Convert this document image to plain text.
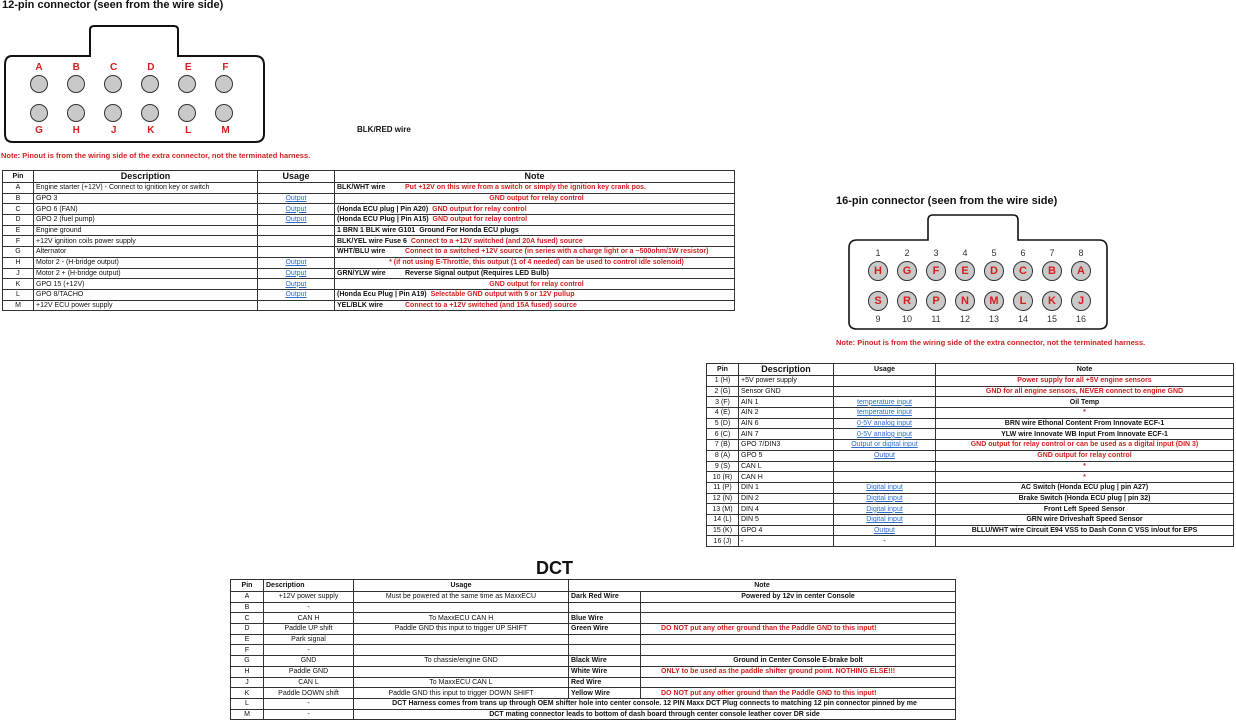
12-pin connector (seen from the wire side)
A	B	C	D	E	F
G	H	J	K	L	M	BLK/RED wire
Note: Pinout is from the wiring side of the extra connector, not the terminated harness.
Pin	Description	Usage	Note
A	Engine starter (+12V) - Connect to ignition key or switch		BLK/WHT wire Put +12V on this wire from a switch or simply the ignition key crank pos.
B	GPO 3	Output	GND output for relay control
C	GPO 6 (FAN)	Output	(Honda ECU plug | Pin A20) GND output for relay control
D	GPO 2 (fuel pump)	Output	(Honda ECU Plug | Pin A15) GND output for relay control
E	Engine ground		1 BRN 1 BLK wire G101 Ground For Honda ECU plugs
F	+12V ignition coils power supply		BLK/YEL wire Fuse 6 Connect to a +12V switched (and 20A fused) source
G	Alternator		WHT/BLU wire Connect to a switched +12V source (in series with a charge light or a ~500ohm/1W resistor)
H	Motor 2 - (H-bridge output)	Output	* (if not using E-Throttle, this output (1 of 4 needed) can be used to control idle solenoid)
J	Motor 2 + (H-bridge output)	Output	GRN/YLW wire Reverse Signal output (Requires LED Bulb)
K	GPO 15 (+12V)	Output	GND output for relay control
L	GPO 8/TACHO	Output	(Honda Ecu Plug | Pin A19) Selectable GND output with 5 or 12V pullup
M	+12V ECU power supply		YEL/BLK wire Connect to a +12V switched (and 15A fused) source
16-pin connector (seen from the wire side)
1	2	3	4	5	6	7	8
H	G	F	E	D	C	B	A
S	R	P	N	M	L	K	J
9	10	11	12	13	14	15	16
Note: Pinout is from the wiring side of the extra connector, not the terminated harness.
Pin	Description	Usage	Note
1 (H)	+5V power supply		Power supply for all +5V engine sensors
2 (G)	Sensor GND		GND for all engine sensors, NEVER connect to engine GND
3 (F)	AIN 1	temperature input	Oil Temp
4 (E)	AIN 2	temperature input	*
5 (D)	AIN 6	0-5V analog input	BRN wire Ethonal Content From Innovate ECF-1
6 (C)	AIN 7	0-5V analog input	YLW wire Innovate WB Input From Innovate ECF-1
7 (B)	GPO 7/DIN3	Output or digital input	GND output for relay control or can be used as a digital input (DIN 3)
8 (A)	GPO 5	Output	GND output for relay control
9 (S)	CAN L		*
10 (R)	CAN H		*
11 (P)	DIN 1	Digital input	AC Switch (Honda ECU plug | pin A27)
12 (N)	DIN 2	Digital input	Brake Switch (Honda ECU plug | pin 32)
13 (M)	DIN 4	Digital input	Front Left Speed Sensor
14 (L)	DIN 5	Digital input	GRN wire Driveshaft Speed Sensor
15 (K)	GPO 4	Output	BLLU/WHT wire Circuit E94 VSS to Dash Conn C VSS in/out for EPS
16 (J)	-	-	
DCT
Pin	Description	Usage	Note	
A	+12V power supply	Must be powered at the same time as MaxxECU	Dark Red Wire	Powered by 12v in center Console
B	-			
C	CAN H	To MaxxECU CAN H	Blue Wire	
D	Paddle UP shift	Paddle GND this input to trigger UP SHIFT	Green Wire	DO NOT put any other ground than the Paddle GND to this input!
E	Park signal			
F	-			
G	GND	To chassie/engine GND	Black Wire	Ground in Center Console E-brake bolt
H	Paddle GND		White Wire	ONLY to be used as the paddle shifter ground point. NOTHING ELSE!!!
J	CAN L	To MaxxECU CAN L	Red Wire	
K	Paddle DOWN shift	Paddle GND this input to trigger DOWN SHIFT	Yellow Wire	DO NOT put any other ground than the Paddle GND to this input!
L	-	DCT Harness comes from trans up through OEM shifter hole into center console. 12 PIN Maxx DCT Plug connects to matching 12 pin connector pinned by me		
M	-	DCT mating connector leads to bottom of dash board through center console leather cover DR side		
